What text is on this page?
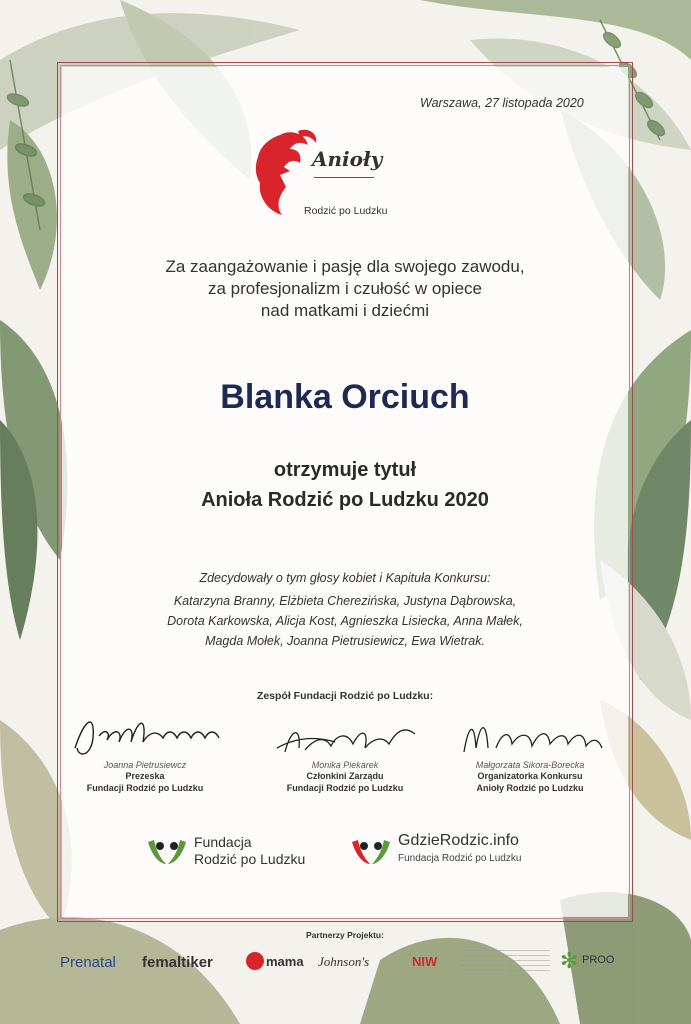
Warszawa, 27 listopada 2020
Anioły
Rodzić po Ludzku
Za zaangażowanie i pasję dla swojego zawodu,
za profesjonalizm i czułość w opiece
nad matkami i dziećmi
Blanka Orciuch
otrzymuje tytuł
Anioła Rodzić po Ludzku 2020
Zdecydowały o tym głosy kobiet i Kapituła Konkursu:
Katarzyna Branny, Elżbieta Cherezińska, Justyna Dąbrowska,
Dorota Karkowska, Alicja Kost, Agnieszka Lisiecka, Anna Małek,
Magda Mołek, Joanna Pietrusiewicz, Ewa Wietrak.
Zespół Fundacji Rodzić po Ludzku:
Joanna Pietrusiewcz
Prezeska
Fundacji Rodzić po Ludzku
Monika Piekarek
Członkini Zarządu
Fundacji Rodzić po Ludzku
Małgorzata Sikora-Borecka
Organizatorka Konkursu
Anioły Rodzić po Ludzku
Fundacja
Rodzić po Ludzku
GdzieRodzic.info
Fundacja Rodzić po Ludzku
Partnerzy Projektu:
Prenatal femaltiker	mama Johnson's	NIW	✻ PROO
